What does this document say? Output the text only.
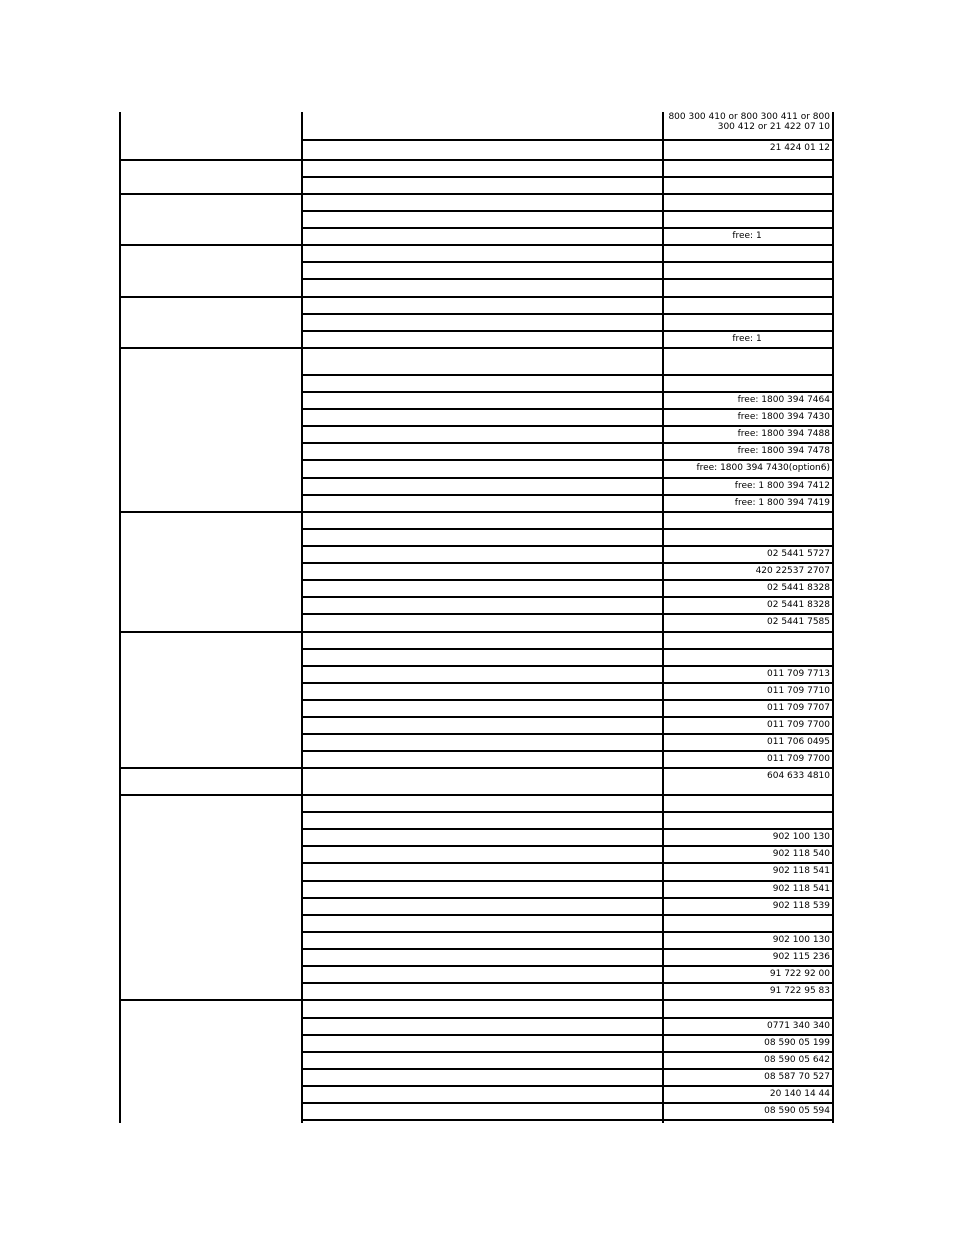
800 300 410 or 800 300 411 or 800 300 412 or 21 422 07 10
21 424 01 12
free: 1
free: 1
free: 1800 394 7464
free: 1800 394 7430
free: 1800 394 7488
free: 1800 394 7478
free: 1800 394 7430(option6)
free: 1 800 394 7412
free: 1 800 394 7419
02 5441 5727
420 22537 2707
02 5441 8328
02 5441 8328
02 5441 7585
011 709 7713
011 709 7710
011 709 7707
011 709 7700
011 706 0495
011 709 7700
604 633 4810
902 100 130
902 118 540
902 118 541
902 118 541
902 118 539
902 100 130
902 115 236
91 722 92 00
91 722 95 83
0771 340 340
08 590 05 199
08 590 05 642
08 587 70 527
20 140 14 44
08 590 05 594
